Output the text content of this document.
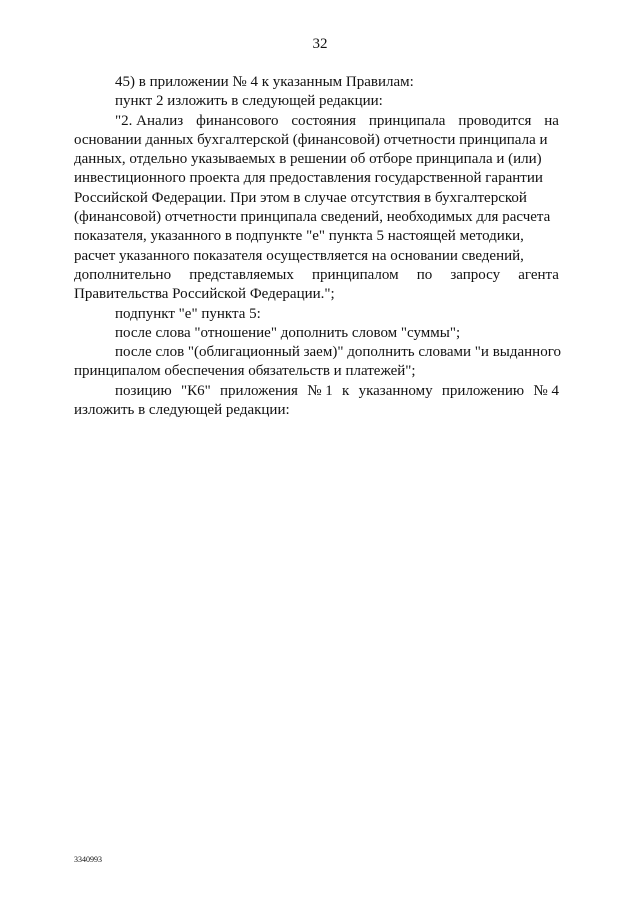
32
45) в приложении № 4 к указанным Правилам:
пункт 2 изложить в следующей редакции:
"2. Анализ финансового состояния принципала проводится на
основании данных бухгалтерской (финансовой) отчетности принципала и
данных, отдельно указываемых в решении об отборе принципала и (или)
инвестиционного проекта для предоставления государственной гарантии
Российской Федерации. При этом в случае отсутствия в бухгалтерской
(финансовой) отчетности принципала сведений, необходимых для расчета
показателя, указанного в подпункте "е" пункта 5 настоящей методики,
расчет указанного показателя осуществляется на основании сведений,
дополнительно представляемых принципалом по запросу агента
Правительства Российской Федерации.";
подпункт "е" пункта 5:
после слова "отношение" дополнить словом "суммы";
после слов "(облигационный заем)" дополнить словами "и выданного
принципалом обеспечения обязательств и платежей";
позицию "К6" приложения № 1 к указанному приложению № 4
изложить в следующей редакции:
3340993
